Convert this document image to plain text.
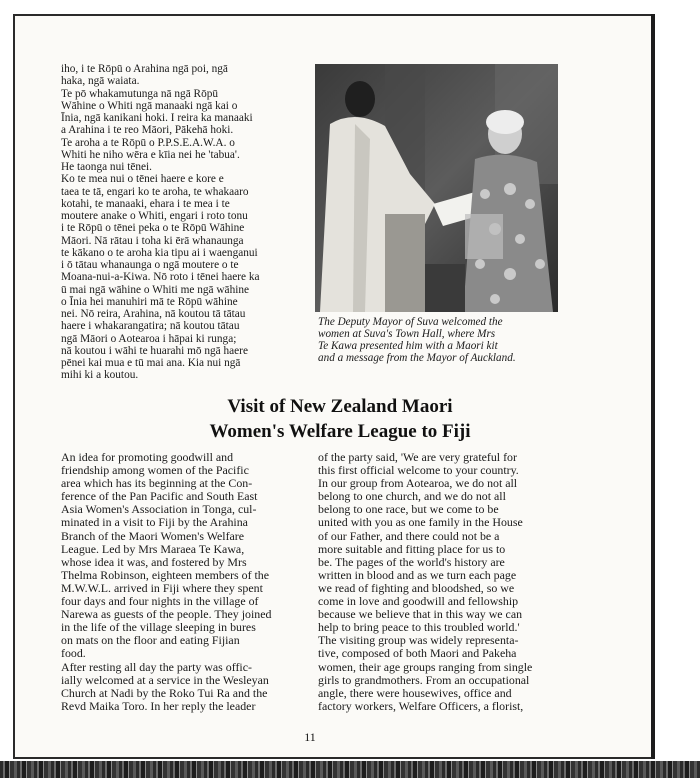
iho, i te Rōpū o Arahina ngā poi, ngā
haka, ngā waiata.
Te pō whakamutunga nā ngā Rōpū
Wāhine o Whiti ngā manaaki ngā kai o
Īnia, ngā kanikani hoki. I reira ka manaaki
a Arahina i te reo Māori, Pākehā hoki.
Te aroha a te Rōpū o P.P.S.E.A.W.A. o
Whiti he niho wēra e kīia nei he 'tabua'.
He taonga nui tēnei.
Ko te mea nui o tēnei haere e kore e
taea te tā, engari ko te aroha, te whakaaro
kotahi, te manaaki, ehara i te mea i te
moutere anake o Whiti, engari i roto tonu
i te Rōpū o tēnei peka o te Rōpū Wāhine
Māori. Nā rātau i toha ki ērā whanaunga
te kākano o te aroha kia tipu ai i waenganui
i ō tātau whanaunga o ngā moutere o te
Moana-nui-a-Kiwa. Nō roto i tēnei haere ka
ū mai ngā wāhine o Whiti me ngā wāhine
o Īnia hei manuhiri mā te Rōpū wāhine
nei. Nō reira, Arahina, nā koutou tā tātau
haere i whakarangatira; nā koutou tātau
ngā Māori o Aotearoa i hāpai ki runga;
nā koutou i wāhi te huarahi mō ngā haere
pēnei kai mua e tū mai ana. Kia nui ngā
mihi ki a koutou.

The Deputy Mayor of Suva welcomed the
women at Suva's Town Hall, where Mrs
Te Kawa presented him with a Maori kit
and a message from the Mayor of Auckland.
Visit of New Zealand Maori
Women's Welfare League to Fiji

An idea for promoting goodwill and
friendship among women of the Pacific
area which has its beginning at the Con-
ference of the Pan Pacific and South East
Asia Women's Association in Tonga, cul-
minated in a visit to Fiji by the Arahina
Branch of the Maori Women's Welfare
League. Led by Mrs Maraea Te Kawa,
whose idea it was, and fostered by Mrs
Thelma Robinson, eighteen members of the
M.W.W.L. arrived in Fiji where they spent
four days and four nights in the village of
Narewa as guests of the people. They joined
in the life of the village sleeping in bures
on mats on the floor and eating Fijian
food.
After resting all day the party was offic-
ially welcomed at a service in the Wesleyan
Church at Nadi by the Roko Tui Ra and the
Revd Maika Toro. In her reply the leader

of the party said, 'We are very grateful for
this first official welcome to your country.
In our group from Aotearoa, we do not all
belong to one church, and we do not all
belong to one race, but we come to be
united with you as one family in the House
of our Father, and there could not be a
more suitable and fitting place for us to
be. The pages of the world's history are
written in blood and as we turn each page
we read of fighting and bloodshed, so we
come in love and goodwill and fellowship
because we believe that in this way we can
help to bring peace to this troubled world.'
The visiting group was widely representa-
tive, composed of both Maori and Pakeha
women, their age groups ranging from single
girls to grandmothers. From an occupational
angle, there were housewives, office and
factory workers, Welfare Officers, a florist,

11
